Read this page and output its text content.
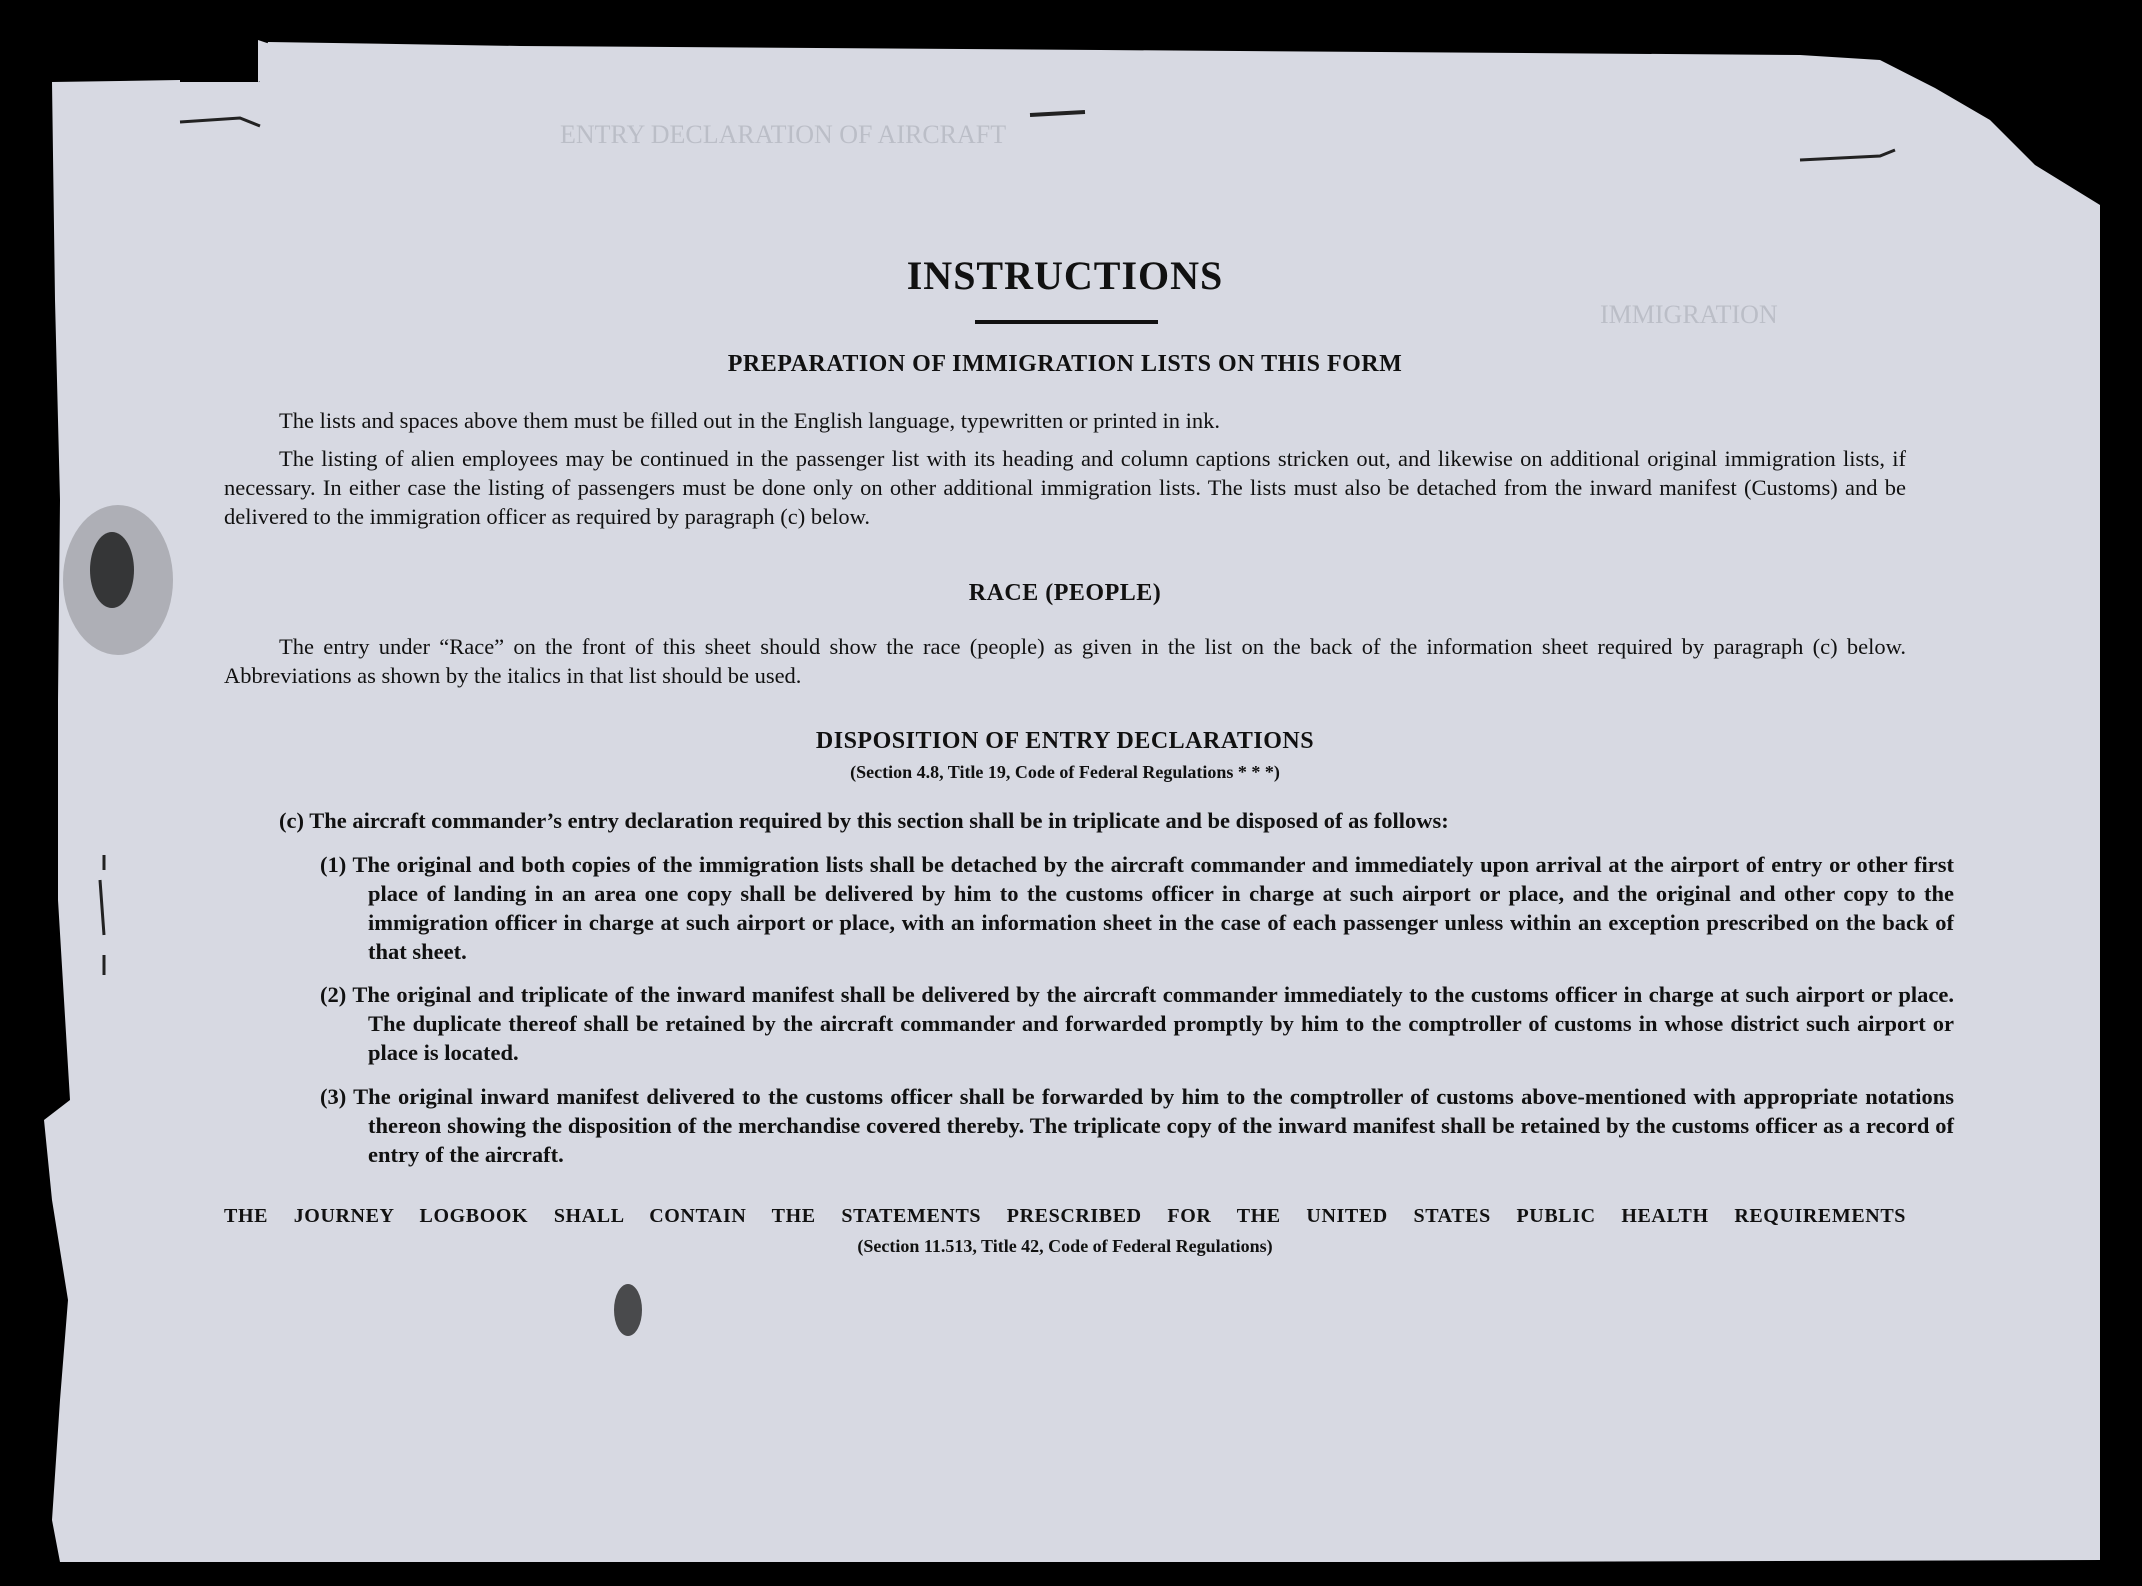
ENTRY DECLARATION OF AIRCRAFT
IMMIGRATION
INSTRUCTIONS
PREPARATION OF IMMIGRATION LISTS ON THIS FORM
The lists and spaces above them must be filled out in the English language, typewritten or printed in ink.
The listing of alien employees may be continued in the passenger list with its heading and column captions stricken out, and likewise on additional original immigration lists, if necessary. In either case the listing of passengers must be done only on other additional immigration lists. The lists must also be detached from the inward manifest (Customs) and be delivered to the immigration officer as required by paragraph (c) below.
RACE (PEOPLE)
The entry under “Race” on the front of this sheet should show the race (people) as given in the list on the back of the information sheet required by paragraph (c) below. Abbreviations as shown by the italics in that list should be used.
DISPOSITION OF ENTRY DECLARATIONS
(Section 4.8, Title 19, Code of Federal Regulations * * *)
(c) The aircraft commander’s entry declaration required by this section shall be in triplicate and be disposed of as follows:
(1) The original and both copies of the immigration lists shall be detached by the aircraft commander and immediately upon arrival at the airport of entry or other first place of landing in an area one copy shall be delivered by him to the customs officer in charge at such airport or place, and the original and other copy to the immigration officer in charge at such airport or place, with an information sheet in the case of each passenger unless within an exception prescribed on the back of that sheet.
(2) The original and triplicate of the inward manifest shall be delivered by the aircraft commander immediately to the customs officer in charge at such airport or place. The duplicate thereof shall be retained by the aircraft commander and forwarded promptly by him to the comptroller of customs in whose district such airport or place is located.
(3) The original inward manifest delivered to the customs officer shall be forwarded by him to the comptroller of customs above-mentioned with appropriate notations thereon showing the disposition of the merchandise covered thereby. The triplicate copy of the inward manifest shall be retained by the customs officer as a record of entry of the aircraft.
THE JOURNEY LOGBOOK SHALL CONTAIN THE STATEMENTS PRESCRIBED FOR THE UNITED STATES PUBLIC HEALTH REQUIREMENTS
(Section 11.513, Title 42, Code of Federal Regulations)
